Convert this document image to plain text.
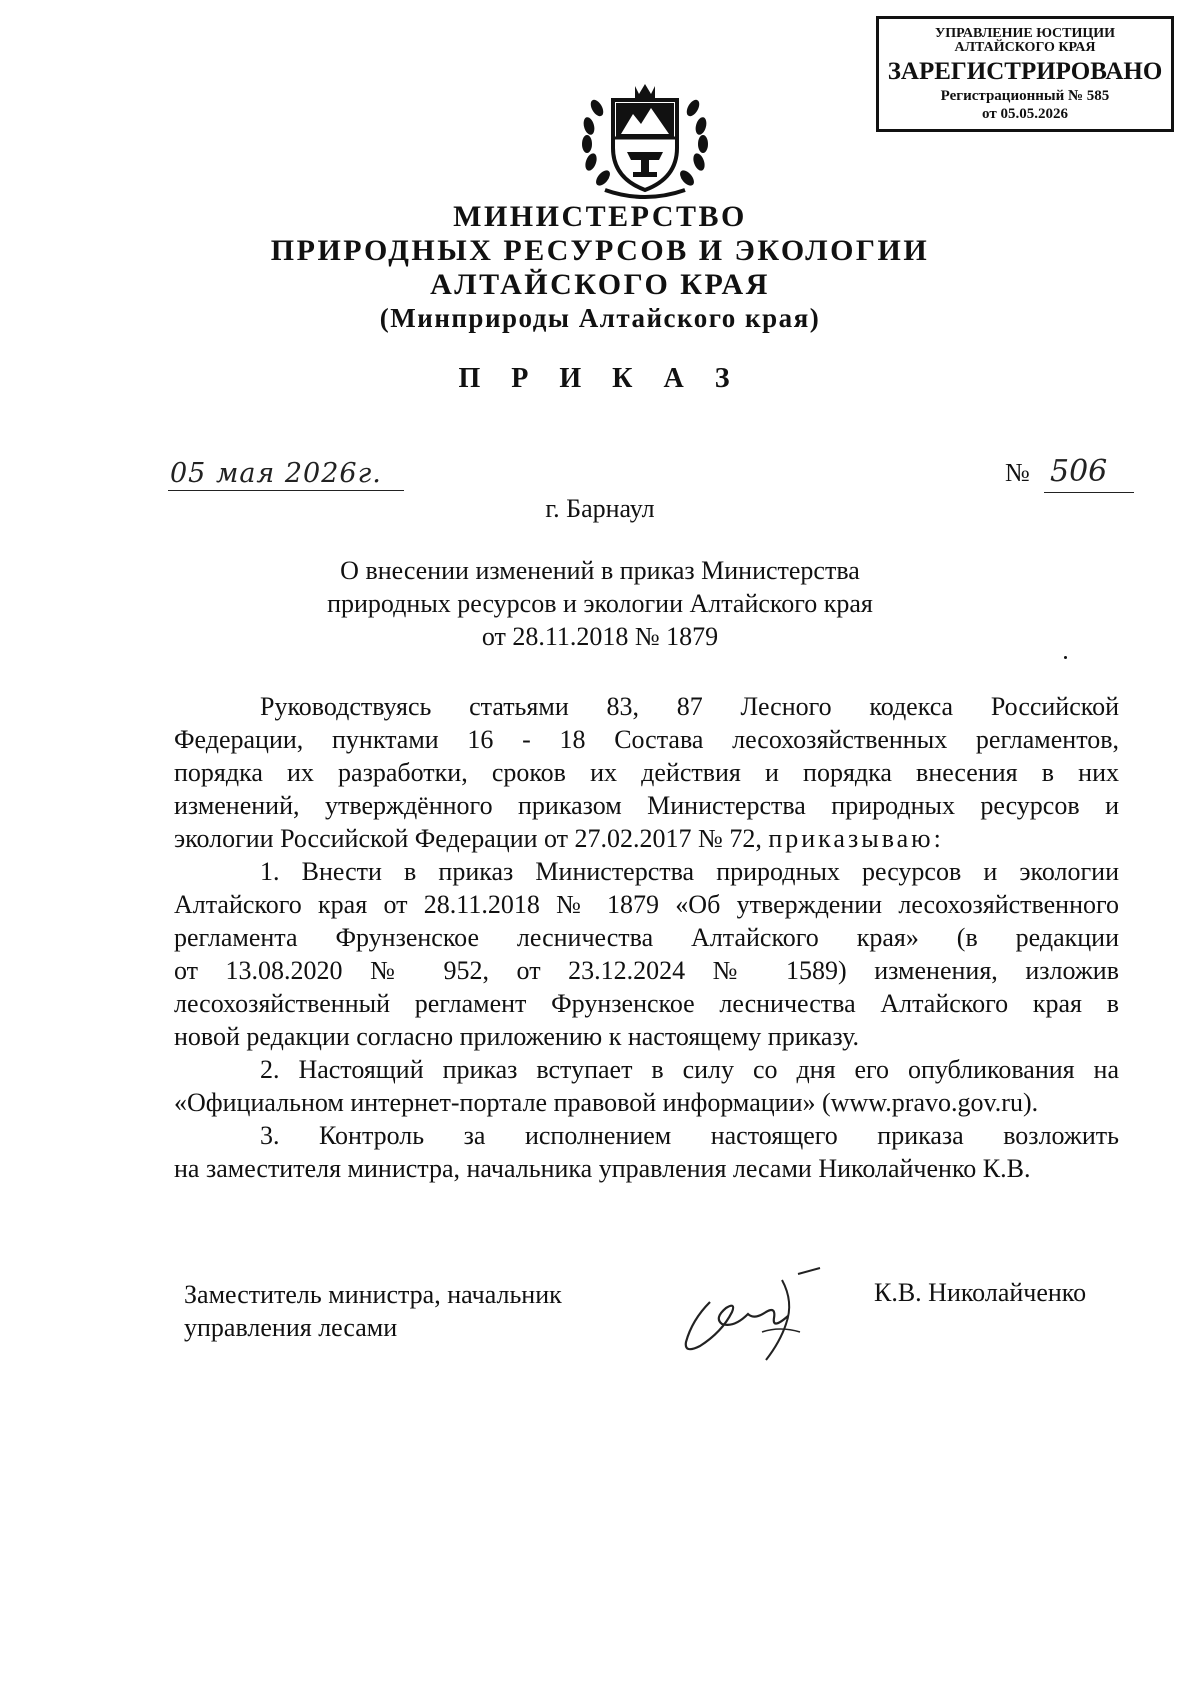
УПРАВЛЕНИЕ ЮСТИЦИИ
АЛТАЙСКОГО КРАЯ
ЗАРЕГИСТРИРОВАНО
Регистрационный № 585
от 05.05.2026
МИНИСТЕРСТВО
ПРИРОДНЫХ РЕСУРСОВ И ЭКОЛОГИИ
АЛТАЙСКОГО КРАЯ
(Минприроды Алтайского края)
П Р И К А З
05 мая 2026г.	№ 506
г. Барнаул
О внесении изменений в приказ Министерства
природных ресурсов и экологии Алтайского края
от 28.11.2018 № 1879

Руководствуясь статьями 83, 87 Лесного кодекса Российской

Федерации, пунктами 16 - 18 Состава лесохозяйственных регламентов,

порядка их разработки, сроков их действия и порядка внесения в них

изменений, утверждённого приказом Министерства природных ресурсов и

экологии Российской Федерации от 27.02.2017 № 72, приказываю:

1. Внести в приказ Министерства природных ресурсов и экологии

Алтайского края от 28.11.2018 № 1879 «Об утверждении лесохозяйственного

регламента Фрунзенское лесничества Алтайского края» (в редакции

от 13.08.2020 № 952, от 23.12.2024 № 1589) изменения, изложив

лесохозяйственный регламент Фрунзенское лесничества Алтайского края в

новой редакции согласно приложению к настоящему приказу.

2. Настоящий приказ вступает в силу со дня его опубликования на

«Официальном интернет-портале правовой информации» (www.pravo.gov.ru).

3. Контроль за исполнением настоящего приказа возложить

на заместителя министра, начальника управления лесами Николайченко К.В.

Заместитель министра, начальник
управления лесами
К.В. Николайченко
